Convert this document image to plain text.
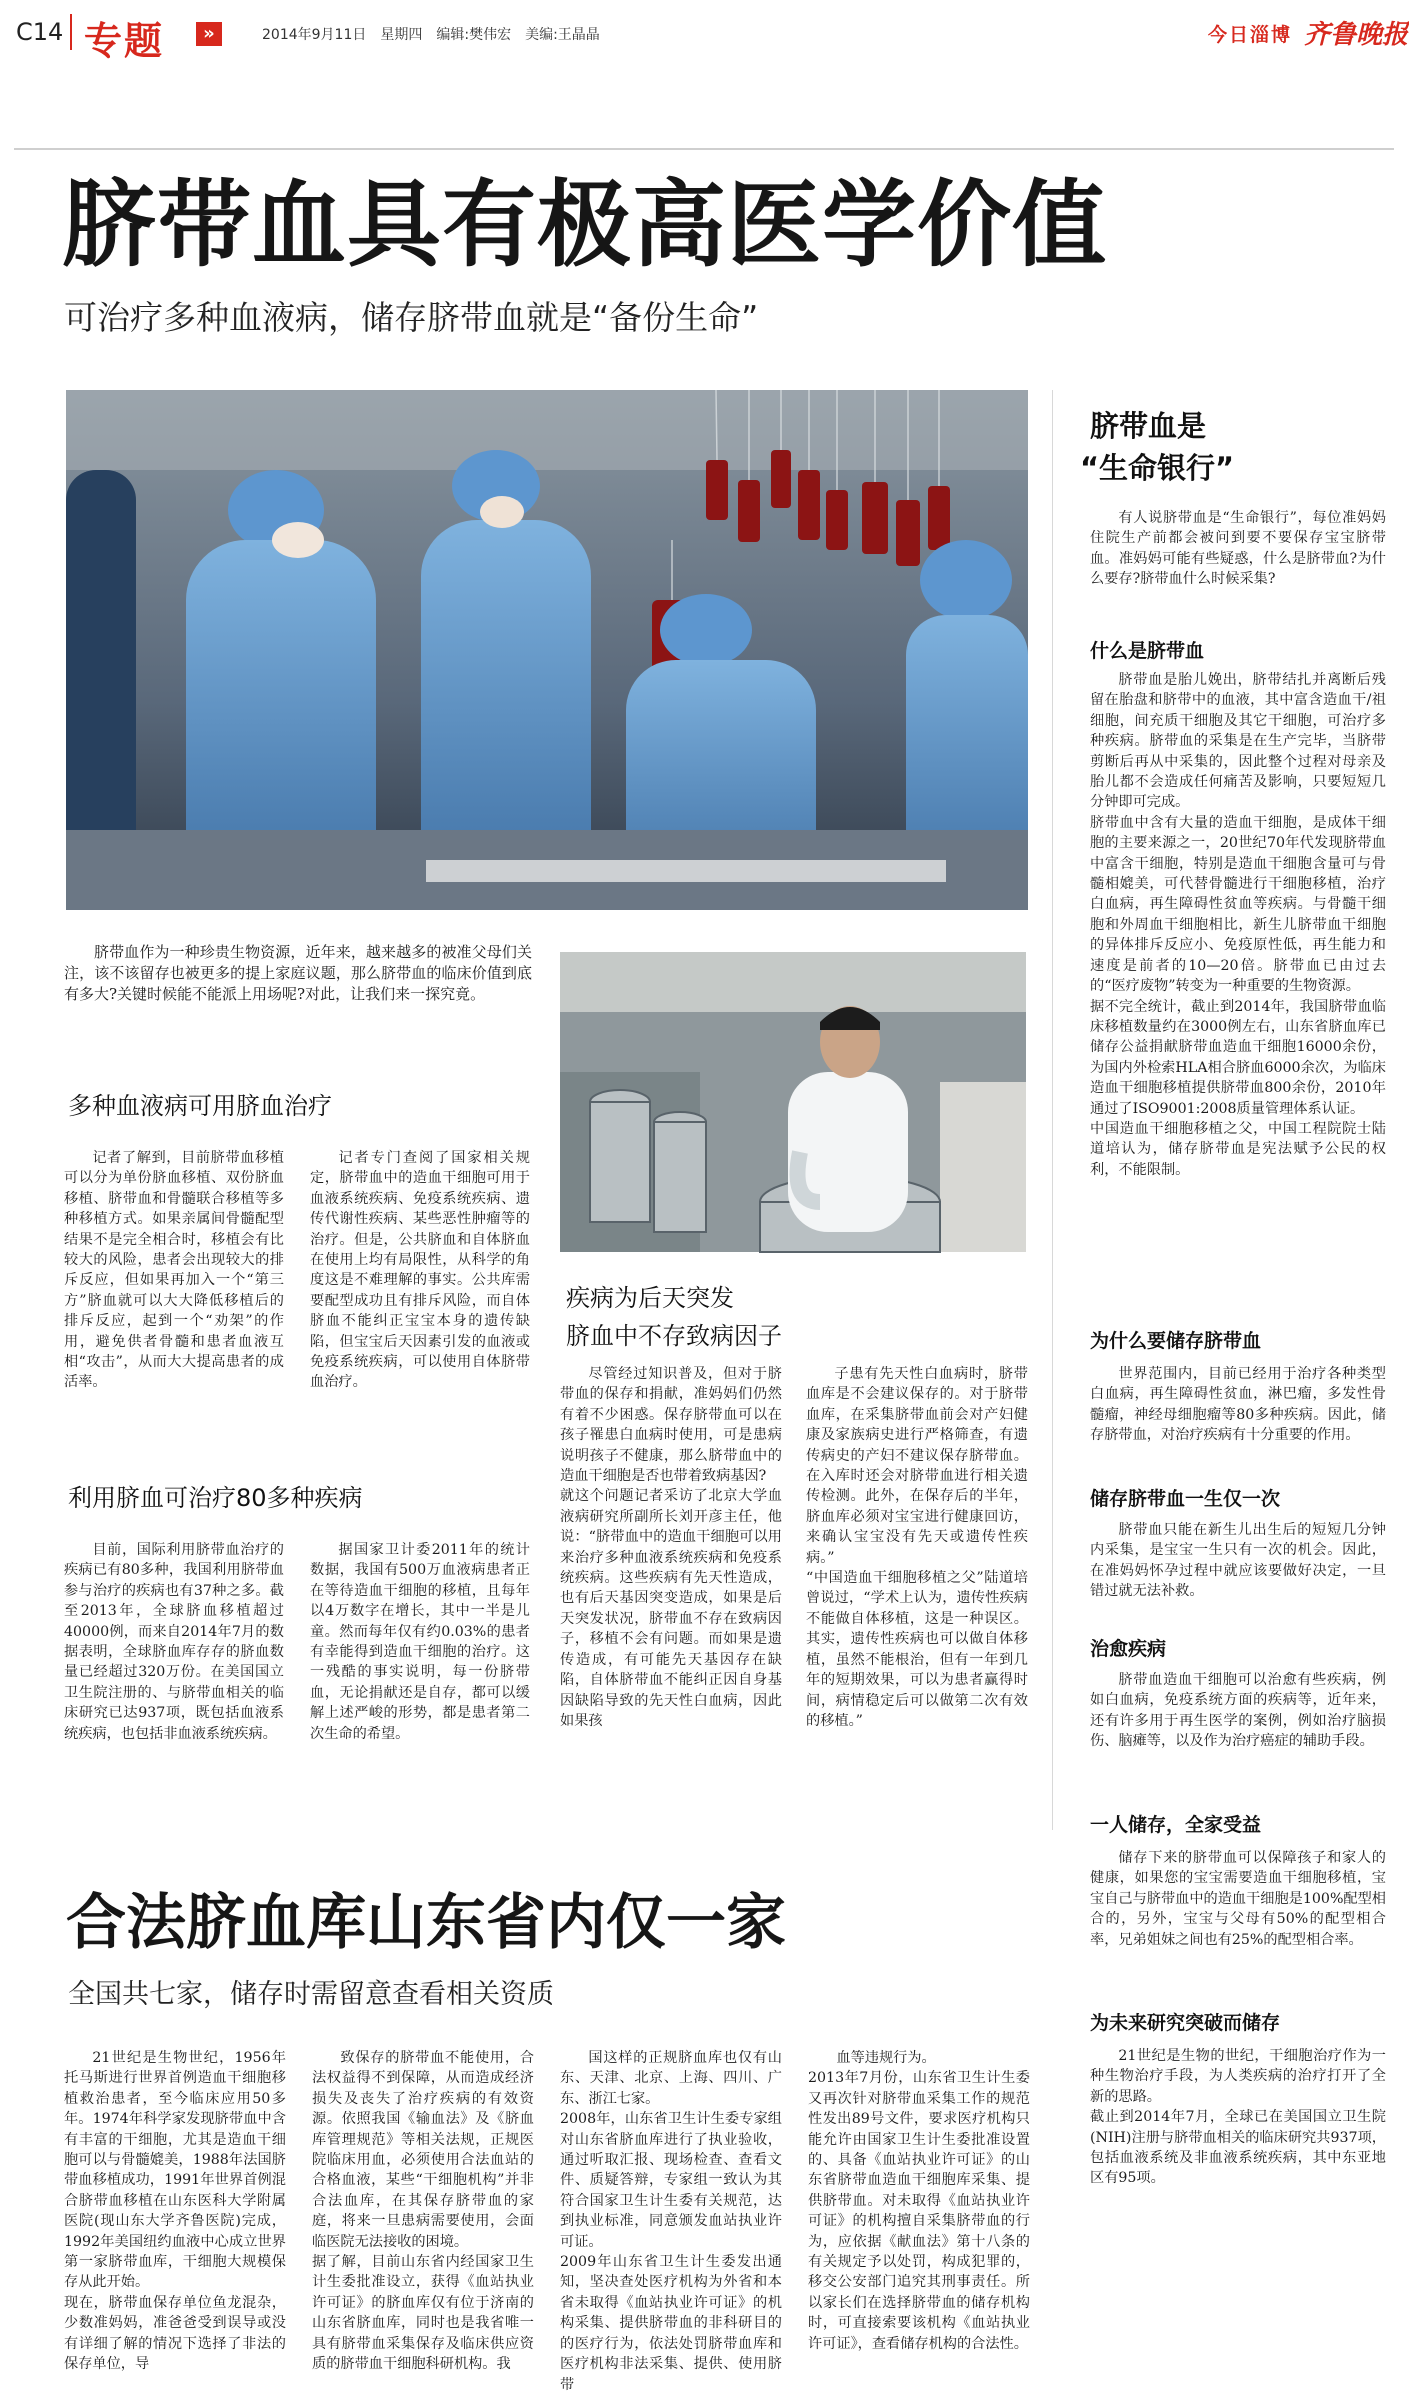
C14 专题	»	2014年9月11日　星期四　编辑:樊伟宏　美编:王晶晶	今日淄博 齐鲁晚报
脐带血具有极高医学价值
可治疗多种血液病，储存脐带血就是“备份生命”

脐带血作为一种珍贵生物资源，近年来，越来越多的被准父母们关注，该不该留存也被更多的提上家庭议题，那么脐带血的临床价值到底有多大?关键时候能不能派上用场呢?对此，让我们来一探究竟。

多种血液病可用脐血治疗

记者了解到，目前脐带血移植可以分为单份脐血移植、双份脐血移植、脐带血和骨髓联合移植等多种移植方式。如果亲属间骨髓配型结果不是完全相合时，移植会有比较大的风险，患者会出现较大的排斥反应，但如果再加入一个“第三方”脐血就可以大大降低移植后的排斥反应，起到一个“劝架”的作用，避免供者骨髓和患者血液互相“攻击”，从而大大提高患者的成活率。

记者专门查阅了国家相关规定，脐带血中的造血干细胞可用于血液系统疾病、免疫系统疾病、遗传代谢性疾病、某些恶性肿瘤等的治疗。但是，公共脐血和自体脐血在使用上均有局限性，从科学的角度这是不难理解的事实。公共库需要配型成功且有排斥风险，而自体脐血不能纠正宝宝本身的遗传缺陷，但宝宝后天因素引发的血液或免疫系统疾病，可以使用自体脐带血治疗。

利用脐血可治疗80多种疾病

目前，国际利用脐带血治疗的疾病已有80多种，我国利用脐带血参与治疗的疾病也有37种之多。截至2013年，全球脐血移植超过40000例，而来自2014年7月的数据表明，全球脐血库存存的脐血数量已经超过320万份。在美国国立卫生院注册的、与脐带血相关的临床研究已达937项，既包括血液系统疾病，也包括非血液系统疾病。

据国家卫计委2011年的统计数据，我国有500万血液病患者正在等待造血干细胞的移植，且每年以4万数字在增长，其中一半是儿童。然而每年仅有约0.03%的患者有幸能得到造血干细胞的治疗。这一残酷的事实说明，每一份脐带血，无论捐献还是自存，都可以缓解上述严峻的形势，都是患者第二次生命的希望。

疾病为后天突发
脐血中不存致病因子

尽管经过知识普及，但对于脐带血的保存和捐献，准妈妈们仍然有着不少困惑。保存脐带血可以在孩子罹患白血病时使用，可是患病说明孩子不健康，那么脐带血中的造血干细胞是否也带着致病基因?
就这个问题记者采访了北京大学血液病研究所副所长刘开彦主任，他说：“脐带血中的造血干细胞可以用来治疗多种血液系统疾病和免疫系统疾病。这些疾病有先天性造成，也有后天基因突变造成，如果是后天突发状况，脐带血不存在致病因子，移植不会有问题。而如果是遗传造成，有可能先天基因存在缺陷，自体脐带血不能纠正因自身基因缺陷导致的先天性白血病，因此如果孩

子患有先天性白血病时，脐带血库是不会建议保存的。对于脐带血库，在采集脐带血前会对产妇健康及家族病史进行严格筛查，有遗传病史的产妇不建议保存脐带血。在入库时还会对脐带血进行相关遗传检测。此外，在保存后的半年，脐血库必须对宝宝进行健康回访，来确认宝宝没有先天或遗传性疾病。”
“中国造血干细胞移植之父”陆道培曾说过，“学术上认为，遗传性疾病不能做自体移植，这是一种误区。其实，遗传性疾病也可以做自体移植，虽然不能根治，但有一年到几年的短期效果，可以为患者赢得时间，病情稳定后可以做第二次有效的移植。”

合法脐血库山东省内仅一家
全国共七家，储存时需留意查看相关资质

21世纪是生物世纪，1956年托马斯进行世界首例造血干细胞移植救治患者，至今临床应用50多年。1974年科学家发现脐带血中含有丰富的干细胞，尤其是造血干细胞可以与骨髓媲美，1988年法国脐带血移植成功，1991年世界首例混合脐带血移植在山东医科大学附属医院(现山东大学齐鲁医院)完成，1992年美国纽约血液中心成立世界第一家脐带血库，干细胞大规模保存从此开始。
现在，脐带血保存单位鱼龙混杂，少数准妈妈，准爸爸受到误导或没有详细了解的情况下选择了非法的保存单位，导

致保存的脐带血不能使用，合法权益得不到保障，从而造成经济损失及丧失了治疗疾病的有效资源。依照我国《输血法》及《脐血库管理规范》等相关法规，正规医院临床用血，必须使用合法血站的合格血液，某些“干细胞机构”并非合法血库，在其保存脐带血的家庭，将来一旦患病需要使用，会面临医院无法接收的困境。
据了解，目前山东省内经国家卫生计生委批准设立，获得《血站执业许可证》的脐血库仅有位于济南的山东省脐血库，同时也是我省唯一具有脐带血采集保存及临床供应资质的脐带血干细胞科研机构。我

国这样的正规脐血库也仅有山东、天津、北京、上海、四川、广东、浙江七家。
2008年，山东省卫生计生委专家组对山东省脐血库进行了执业验收，通过听取汇报、现场检查、查看文件、质疑答辩，专家组一致认为其符合国家卫生计生委有关规范，达到执业标准，同意颁发血站执业许可证。
2009年山东省卫生计生委发出通知，坚决查处医疗机构为外省和本省未取得《血站执业许可证》的机构采集、提供脐带血的非科研目的的医疗行为，依法处罚脐带血库和医疗机构非法采集、提供、使用脐带

血等违规行为。
2013年7月份，山东省卫生计生委又再次针对脐带血采集工作的规范性发出89号文件，要求医疗机构只能允许由国家卫生计生委批准设置的、具备《血站执业许可证》的山东省脐带血造血干细胞库采集、提供脐带血。对未取得《血站执业许可证》的机构擅自采集脐带血的行为，应依据《献血法》第十八条的有关规定予以处罚，构成犯罪的，移交公安部门追究其刑事责任。所以家长们在选择脐带血的储存机构时，可直接索要该机构《血站执业许可证》，查看储存机构的合法性。

脐带血是
“生命银行”

有人说脐带血是“生命银行”，每位准妈妈住院生产前都会被问到要不要保存宝宝脐带血。准妈妈可能有些疑惑，什么是脐带血?为什么要存?脐带血什么时候采集?

什么是脐带血

脐带血是胎儿娩出，脐带结扎并离断后残留在胎盘和脐带中的血液，其中富含造血干/祖细胞，间充质干细胞及其它干细胞，可治疗多种疾病。脐带血的采集是在生产完毕，当脐带剪断后再从中采集的，因此整个过程对母亲及胎儿都不会造成任何痛苦及影响，只要短短几分钟即可完成。
脐带血中含有大量的造血干细胞，是成体干细胞的主要来源之一，20世纪70年代发现脐带血中富含干细胞，特别是造血干细胞含量可与骨髓相媲美，可代替骨髓进行干细胞移植，治疗白血病，再生障碍性贫血等疾病。与骨髓干细胞和外周血干细胞相比，新生儿脐带血干细胞的异体排斥反应小、免疫原性低，再生能力和速度是前者的10—20倍。脐带血已由过去的“医疗废物”转变为一种重要的生物资源。
据不完全统计，截止到2014年，我国脐带血临床移植数量约在3000例左右，山东省脐血库已储存公益捐献脐带血造血干细胞16000余份，为国内外检索HLA相合脐血6000余次，为临床造血干细胞移植提供脐带血800余份，2010年通过了ISO9001:2008质量管理体系认证。
中国造血干细胞移植之父，中国工程院院士陆道培认为，储存脐带血是宪法赋予公民的权利，不能限制。

为什么要储存脐带血

世界范围内，目前已经用于治疗各种类型白血病，再生障碍性贫血，淋巴瘤，多发性骨髓瘤，神经母细胞瘤等80多种疾病。因此，储存脐带血，对治疗疾病有十分重要的作用。

储存脐带血一生仅一次

脐带血只能在新生儿出生后的短短几分钟内采集，是宝宝一生只有一次的机会。因此，在准妈妈怀孕过程中就应该要做好决定，一旦错过就无法补救。

治愈疾病

脐带血造血干细胞可以治愈有些疾病，例如白血病，免疫系统方面的疾病等，近年来，还有许多用于再生医学的案例，例如治疗脑损伤、脑瘫等，以及作为治疗癌症的辅助手段。

一人储存，全家受益

储存下来的脐带血可以保障孩子和家人的健康，如果您的宝宝需要造血干细胞移植，宝宝自己与脐带血中的造血干细胞是100%配型相合的，另外，宝宝与父母有50%的配型相合率，兄弟姐妹之间也有25%的配型相合率。

为未来研究突破而储存

21世纪是生物的世纪，干细胞治疗作为一种生物治疗手段，为人类疾病的治疗打开了全新的思路。
截止到2014年7月，全球已在美国国立卫生院(NIH)注册与脐带血相关的临床研究共937项，包括血液系统及非血液系统疾病，其中东亚地区有95项。
